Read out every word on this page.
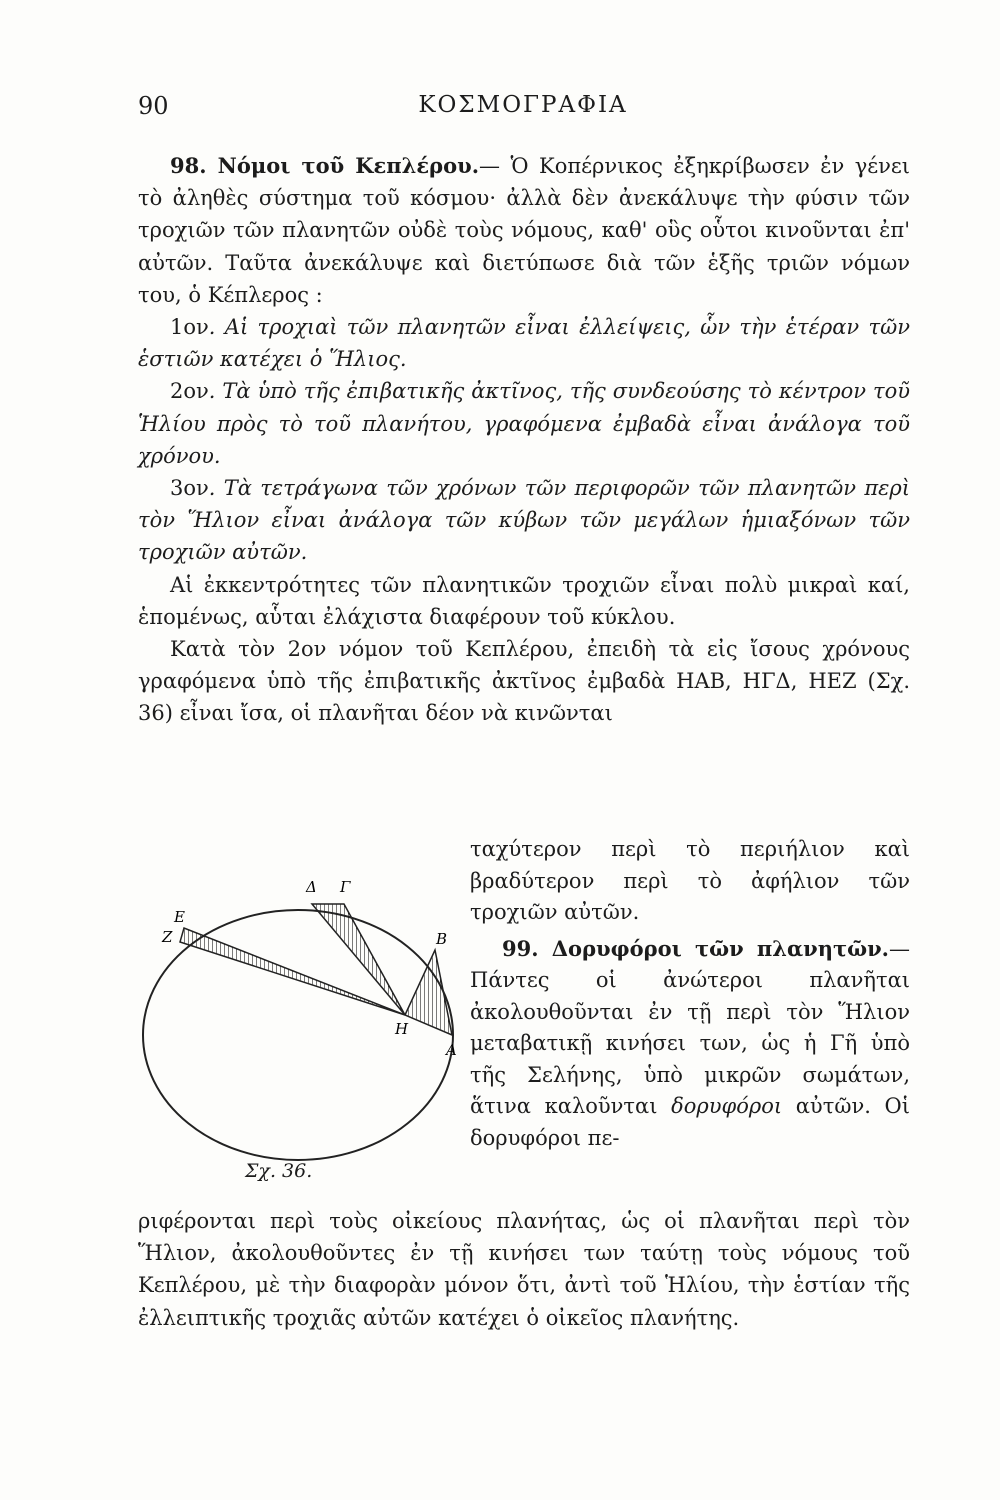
90	ΚΟΣΜΟΓΡΑΦΙΑ

98. Νόμοι τοῦ Κεπλέρου.— Ὁ Κοπέρνικος ἐξηκρίβωσεν ἐν γένει τὸ ἀληθὲς σύστημα τοῦ κόσμου· ἀλλὰ δὲν ἀνεκάλυψε τὴν φύσιν τῶν τροχιῶν τῶν πλανητῶν οὐδὲ τοὺς νόμους, καθ' οὓς οὗτοι κινοῦνται ἐπ' αὐτῶν. Ταῦτα ἀνεκάλυψε καὶ διετύπωσε διὰ τῶν ἑξῆς τριῶν νόμων του, ὁ Κέπλερος :

1ον. Αἱ τροχιαὶ τῶν πλανητῶν εἶναι ἐλλείψεις, ὧν τὴν ἑτέραν τῶν ἑστιῶν κατέχει ὁ Ἥλιος.

2ον. Τὰ ὑπὸ τῆς ἐπιβατικῆς ἀκτῖνος, τῆς συνδεούσης τὸ κέντρον τοῦ Ἡλίου πρὸς τὸ τοῦ πλανήτου, γραφόμενα ἐμβαδὰ εἶναι ἀνάλογα τοῦ χρόνου.

3ον. Τὰ τετράγωνα τῶν χρόνων τῶν περιφορῶν τῶν πλανητῶν περὶ τὸν Ἥλιον εἶναι ἀνάλογα τῶν κύβων τῶν μεγάλων ἡμιαξόνων τῶν τροχιῶν αὐτῶν.

Αἱ ἐκκεντρότητες τῶν πλανητικῶν τροχιῶν εἶναι πολὺ μικραὶ καί, ἑπομένως, αὗται ἐλάχιστα διαφέρουν τοῦ κύκλου.

Κατὰ τὸν 2ον νόμον τοῦ Κεπλέρου, ἐπειδὴ τὰ εἰς ἴσους χρόνους γραφόμενα ὑπὸ τῆς ἐπιβατικῆς ἀκτῖνος ἐμβαδὰ ΗΑΒ, ΗΓΔ, ΗΕΖ (Σχ. 36) εἶναι ἴσα, οἱ πλανῆται δέον νὰ κινῶνται

ταχύτερον περὶ τὸ περιήλιον καὶ βραδύτερον περὶ τὸ ἀφήλιον τῶν τροχιῶν αὐτῶν.

99. Δορυφόροι τῶν πλανητῶν.— Πάντες οἱ ἀνώτεροι πλανῆται ἀκολουθοῦνται ἐν τῇ περὶ τὸν Ἥλιον μεταβατικῇ κινήσει των, ὡς ἡ Γῆ ὑπὸ τῆς Σελήνης, ὑπὸ μικρῶν σωμάτων, ἅτινα καλοῦνται δορυφόροι αὐτῶν. Οἱ δορυφόροι πε-

ριφέρονται περὶ τοὺς οἰκείους πλανήτας, ὡς οἱ πλανῆται περὶ τὸν Ἥλιον, ἀκολουθοῦντες ἐν τῇ κινήσει των ταύτῃ τοὺς νόμους τοῦ Κεπλέρου, μὲ τὴν διαφορὰν μόνον ὅτι, ἀντὶ τοῦ Ἡλίου, τὴν ἑστίαν τῆς ἐλλειπτικῆς τροχιᾶς αὐτῶν κατέχει ὁ οἰκεῖος πλανήτης.
Δ Γ
Ε
Ζ	Β
Η
Α
Σχ. 36.
